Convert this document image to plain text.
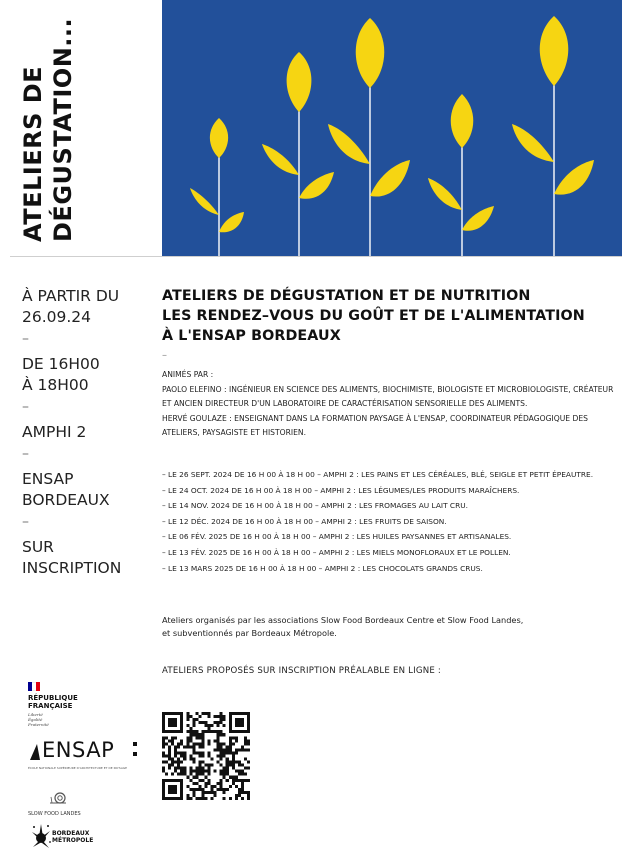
ATELIERS DE DÉGUSTATION...
À PARTIR DU
26.09.24
–
DE 16H00
À 18H00
–
AMPHI 2
–
ENSAP
BORDEAUX
–
SUR
INSCRIPTION
ATELIERS DE DÉGUSTATION ET DE NUTRITION
LES RENDEZ–VOUS DU GOÛT ET DE L'ALIMENTATION
À L'ENSAP BORDEAUX
–
ANIMÉS PAR :
PAOLO ELEFINO : INGÉNIEUR EN SCIENCE DES ALIMENTS, BIOCHIMISTE, BIOLOGISTE ET MICROBIOLOGISTE, CRÉATEUR ET ANCIEN DIRECTEUR D'UN LABORATOIRE DE CARACTÉRISATION SENSORIELLE DES ALIMENTS.
HERVÉ GOULAZE : ENSEIGNANT DANS LA FORMATION PAYSAGE À L'ENSAP, COORDINATEUR PÉDAGOGIQUE DES ATELIERS, PAYSAGISTE ET HISTORIEN.
– LE 26 SEPT. 2024 DE 16 H 00 À 18 H 00 – AMPHI 2 : LES PAINS ET LES CÉRÉALES, BLÉ, SEIGLE ET PETIT ÉPEAUTRE.
– LE 24 OCT. 2024 DE 16 H 00 À 18 H 00 – AMPHI 2 : LES LÉGUMES/LES PRODUITS MARAÎCHERS.
– LE 14 NOV. 2024 DE 16 H 00 À 18 H 00 – AMPHI 2 : LES FROMAGES AU LAIT CRU.
– LE 12 DÉC. 2024 DE 16 H 00 À 18 H 00 – AMPHI 2 : LES FRUITS DE SAISON.
– LE 06 FÉV. 2025 DE 16 H 00 À 18 H 00 – AMPHI 2 : LES HUILES PAYSANNES ET ARTISANALES.
– LE 13 FÉV. 2025 DE 16 H 00 À 18 H 00 – AMPHI 2 : LES MIELS MONOFLORAUX ET LE POLLEN.
– LE 13 MARS 2025 DE 16 H 00 À 18 H 00 – AMPHI 2 : LES CHOCOLATS GRANDS CRUS.
Ateliers organisés par les associations Slow Food Bordeaux Centre et Slow Food Landes,
et subventionnés par Bordeaux Métropole.
ATELIERS PROPOSÉS SUR INSCRIPTION PRÉALABLE EN LIGNE :
RÉPUBLIQUE
FRANÇAISE
Liberté
Égalité
Fraternité
ENSAP
ÉCOLE NATIONALE SUPÉRIEURE D'ARCHITECTURE ET DE PAYSAGE
SLOW FOOD LANDES
BORDEAUX
MÉTROPOLE
